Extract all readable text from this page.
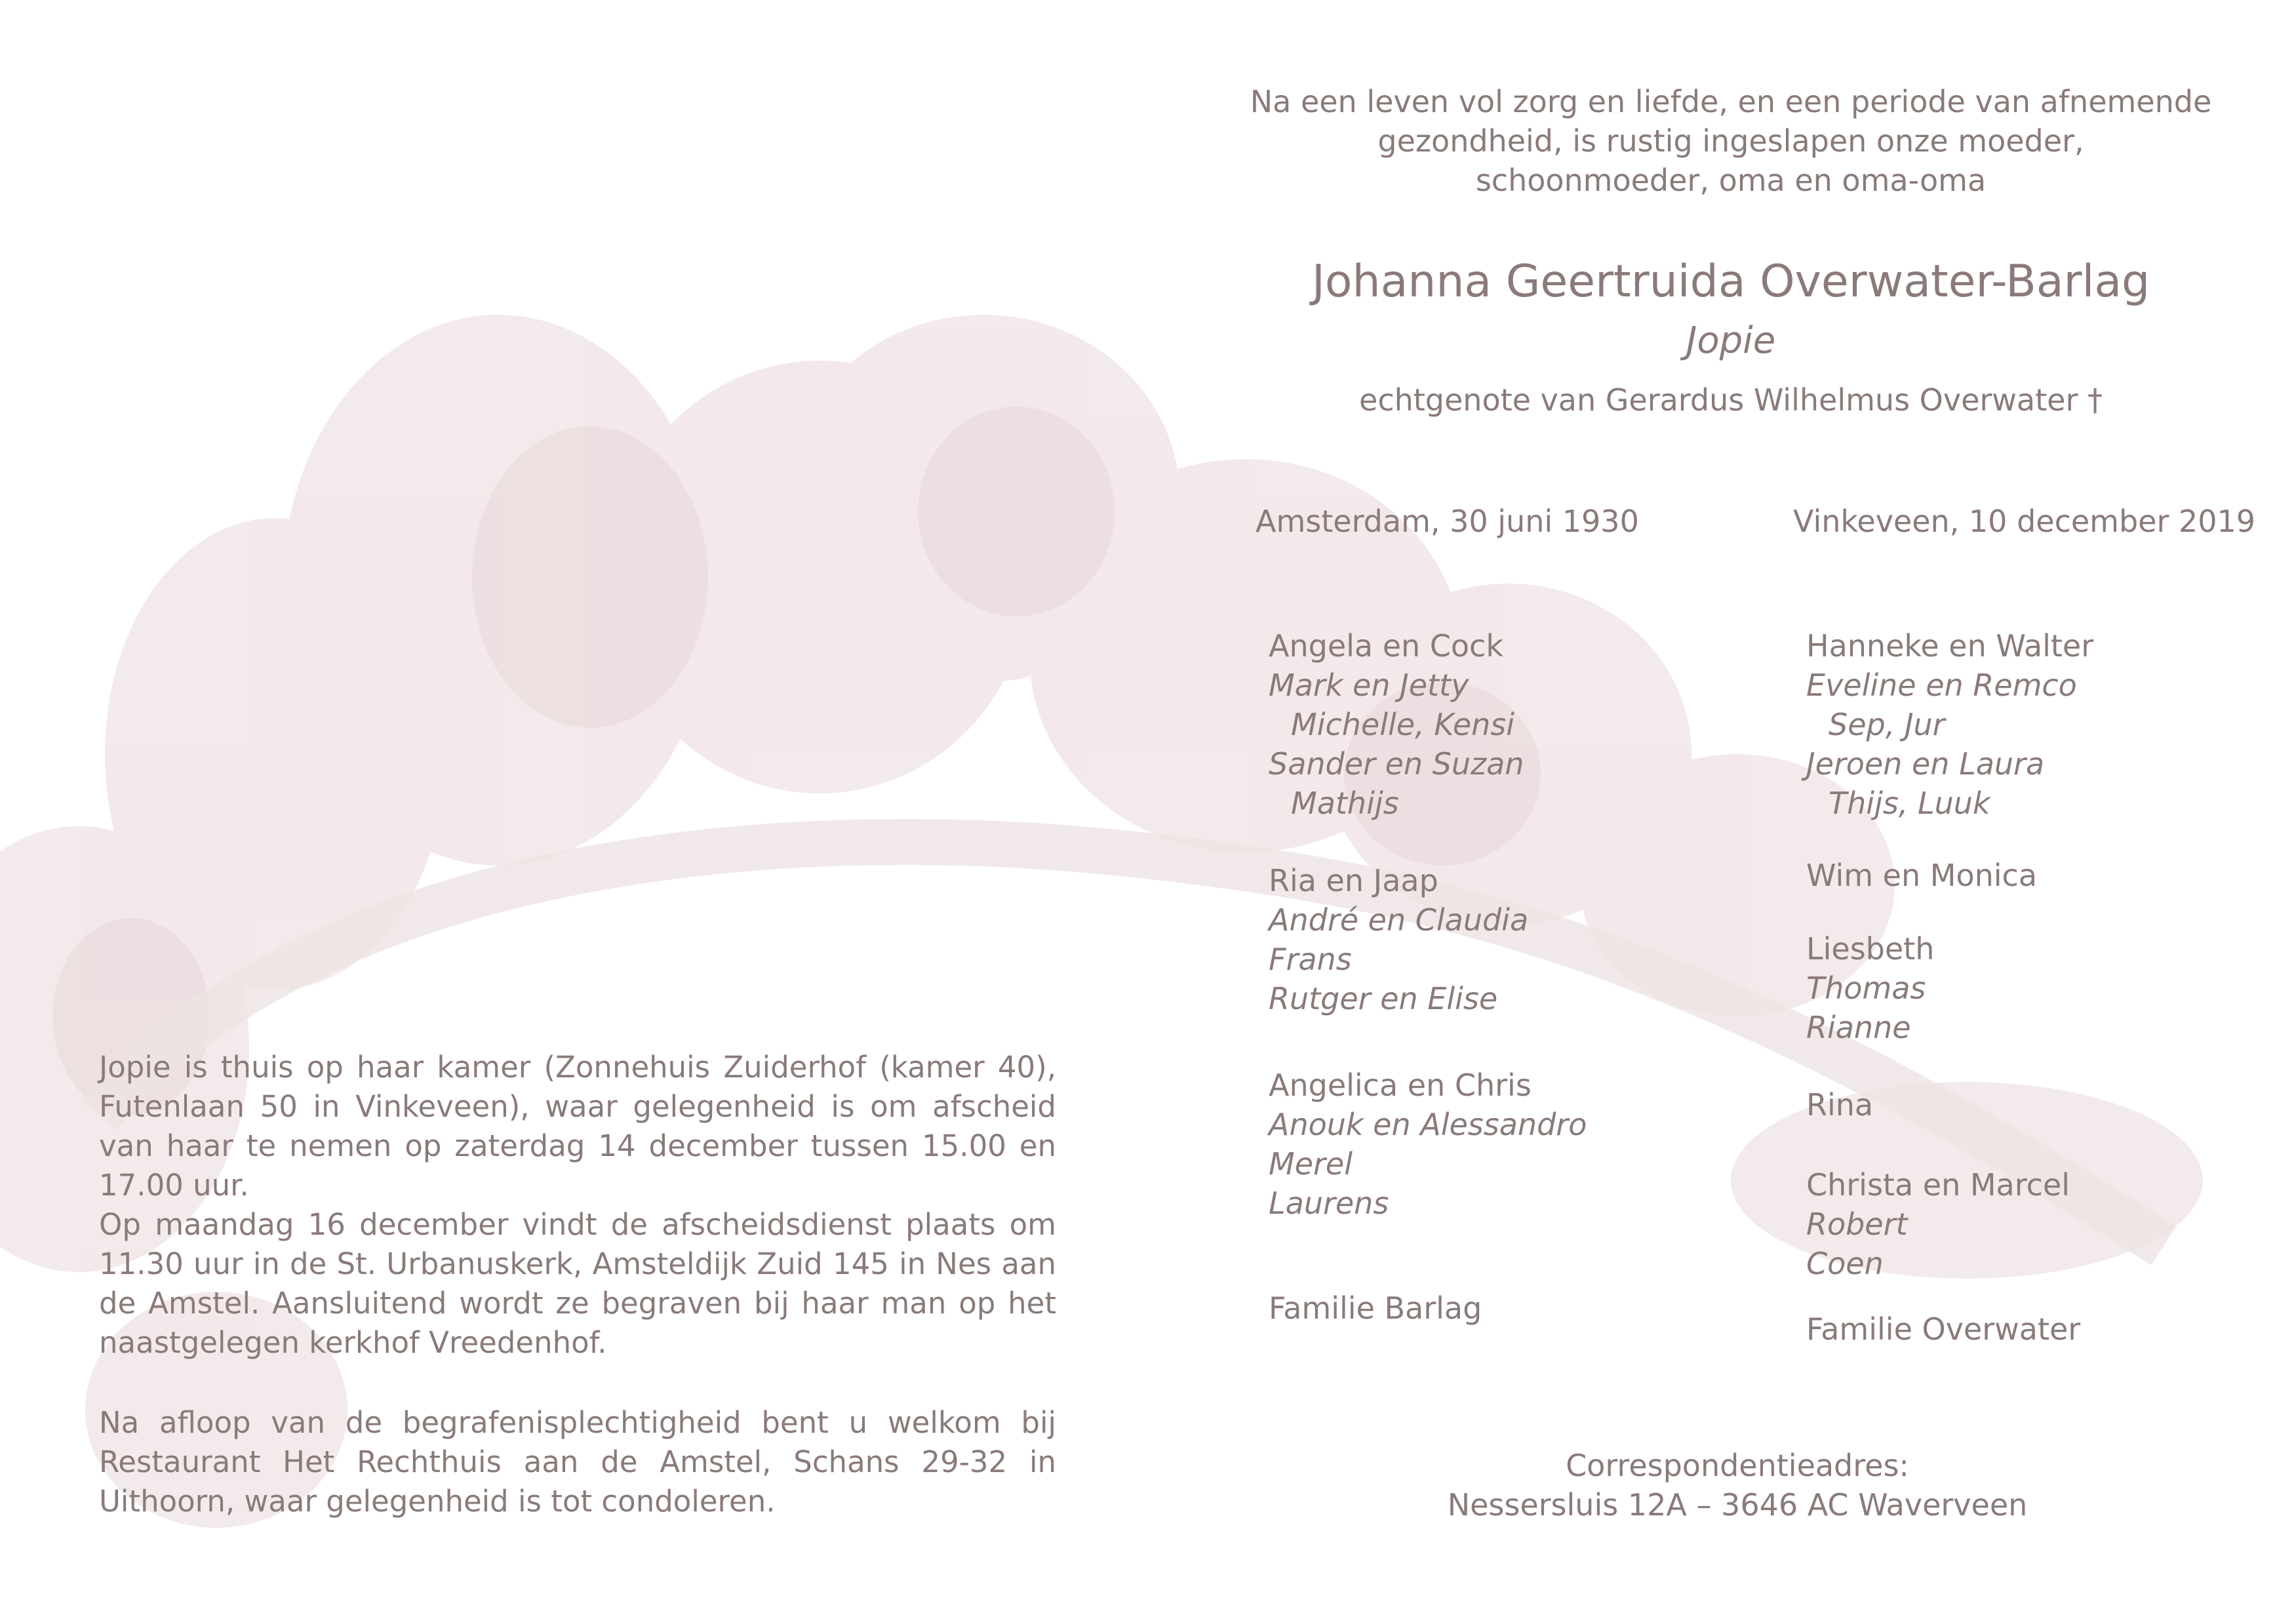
Na een leven vol zorg en liefde, en een periode van afnemende
gezondheid, is rustig ingeslapen onze moeder,
schoonmoeder, oma en oma-oma
Johanna Geertruida Overwater-Barlag
Jopie
echtgenote van Gerardus Wilhelmus Overwater †
Amsterdam, 30 juni 1930	Vinkeveen, 10 december 2019
Angela en Cock
Mark en Jetty
Michelle, Kensi
Sander en Suzan
Mathijs
Ria en Jaap
André en Claudia
Frans
Rutger en Elise
Angelica en Chris
Anouk en Alessandro
Merel
Laurens
Familie Barlag
Hanneke en Walter
Eveline en Remco
Sep, Jur
Jeroen en Laura
Thijs, Luuk
Wim en Monica
Liesbeth
Thomas
Rianne
Rina
Christa en Marcel
Robert
Coen
Familie Overwater
Jopie is thuis op haar kamer (Zonnehuis Zuiderhof (kamer 40), Futenlaan 50 in Vinkeveen), waar gelegenheid is om afscheid van haar te nemen op zaterdag 14 december tussen 15.00 en 17.00 uur.
Op maandag 16 december vindt de afscheidsdienst plaats om 11.30 uur in de St. Urbanuskerk, Amsteldijk Zuid 145 in Nes aan de Amstel. Aansluitend wordt ze begraven bij haar man op het naastgelegen kerkhof Vreedenhof.
Na afloop van de begrafenisplechtigheid bent u welkom bij Restaurant Het Rechthuis aan de Amstel, Schans 29-32 in Uithoorn, waar gelegenheid is tot condoleren.
Correspondentieadres:
Nessersluis 12A – 3646 AC Waverveen
